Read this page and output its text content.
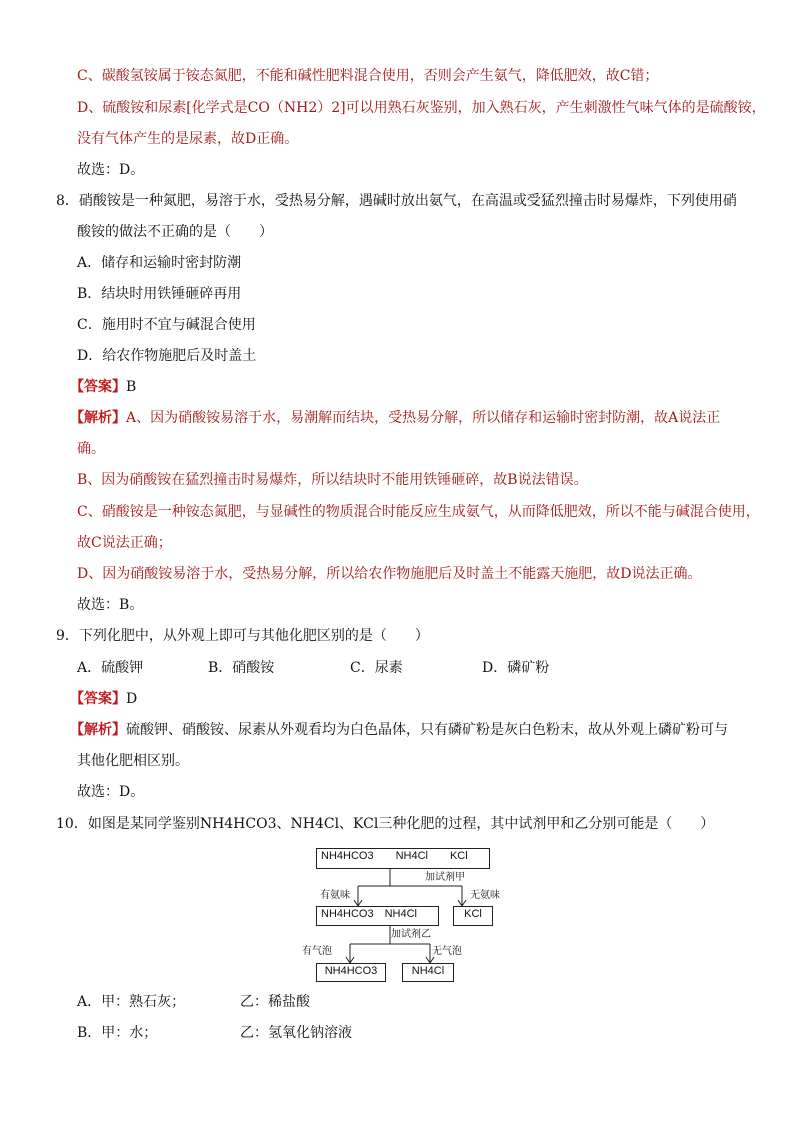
C、碳酸氢铵属于铵态氮肥，不能和碱性肥料混合使用，否则会产生氨气，降低肥效，故C错；
D、硫酸铵和尿素[化学式是CO（NH2）2]可以用熟石灰鉴别，加入熟石灰，产生刺激性气味气体的是硫酸铵，
没有气体产生的是尿素，故D正确。
故选：D。
8．硝酸铵是一种氮肥，易溶于水，受热易分解，遇碱时放出氨气，在高温或受猛烈撞击时易爆炸，下列使用硝
酸铵的做法不正确的是（　　）
A．储存和运输时密封防潮
B．结块时用铁锤砸碎再用
C．施用时不宜与碱混合使用
D．给农作物施肥后及时盖土
【答案】B
【解析】A、因为硝酸铵易溶于水，易潮解而结块，受热易分解，所以储存和运输时密封防潮，故A说法正
确。
B、因为硝酸铵在猛烈撞击时易爆炸，所以结块时不能用铁锤砸碎，故B说法错误。
C、硝酸铵是一种铵态氮肥，与显碱性的物质混合时能反应生成氨气，从而降低肥效，所以不能与碱混合使用，
故C说法正确；
D、因为硝酸铵易溶于水，受热易分解，所以给农作物施肥后及时盖土不能露天施肥，故D说法正确。
故选：B。
9．下列化肥中，从外观上即可与其他化肥区别的是（　　）
A．硫酸钾	B．硝酸铵	C．尿素	D．磷矿粉
【答案】D
【解析】硫酸钾、硝酸铵、尿素从外观看均为白色晶体，只有磷矿粉是灰白色粉末，故从外观上磷矿粉可与
其他化肥相区别。
故选：D。
10．如图是某同学鉴别NH4HCO3、NH4Cl、KCl三种化肥的过程，其中试剂甲和乙分别可能是（　　）
NH4HCO3　　NH4Cl　　KCl
加试剂甲
有氨味	无氨味
NH4HCO3　NH4Cl	KCl
加试剂乙
有气泡	无气泡
NH4HCO3	NH4Cl
A．甲：熟石灰；	乙：稀盐酸
B．甲：水；	乙：氢氧化钠溶液
